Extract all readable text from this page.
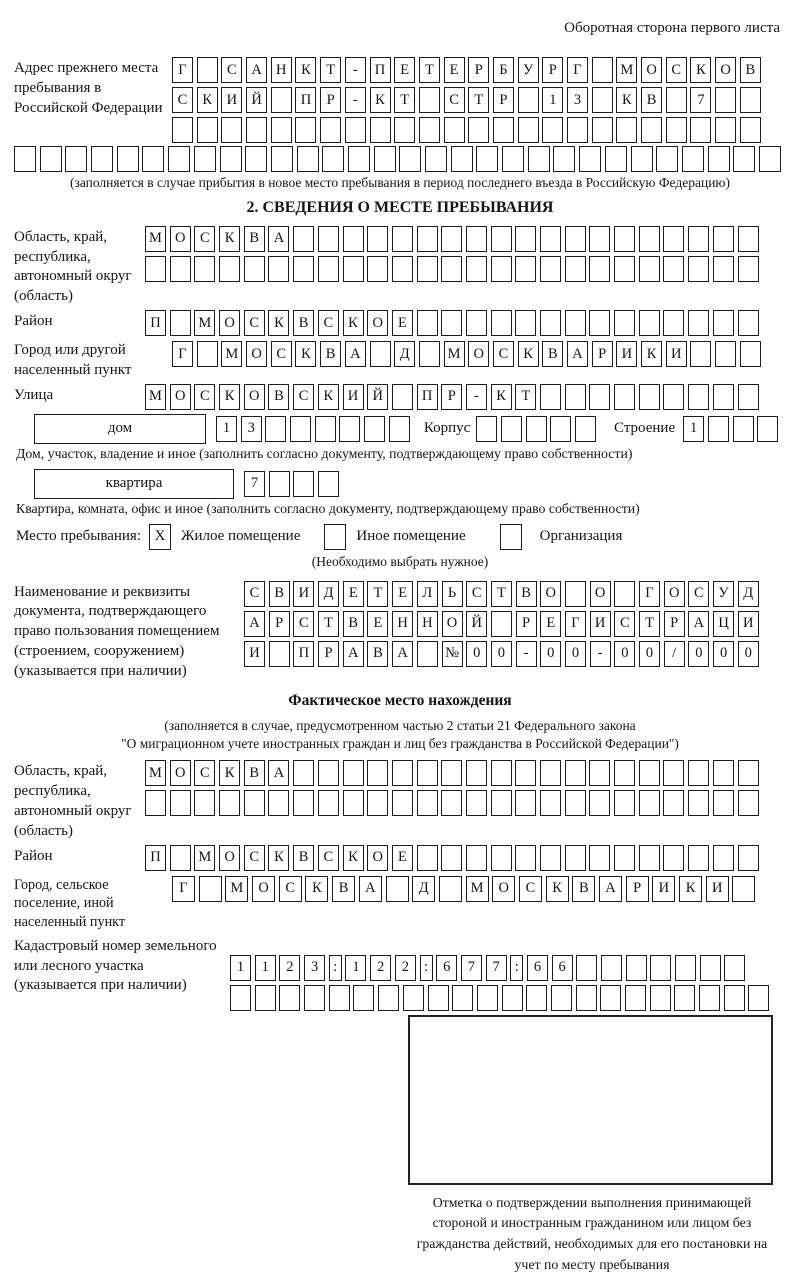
Оборотная сторона первого листа
Адрес прежнего места пребывания в Российской Федерации
Г	С	А Н	К	Т	-	П	Е	Т	Е	Р	Б	У	Р	Г	М О	С	К	О	В
С	К	И Й	П	Р	-	К	Т	С	Т	Р	1	3	К	В	7
(заполняется в случае прибытия в новое место пребывания в период последнего въезда в Российскую Федерацию)
2. СВЕДЕНИЯ О МЕСТЕ ПРЕБЫВАНИЯ
Область, край, республика, автономный округ (область)
М О	С	К	В	А
Район	П	М О	С	К	В	С	К	О	Е
Город или другой населенный пункт
Г	М О	С	К	В	А	Д	М О	С	К	В	А	Р	И	К	И
Улица	М О	С	К	О	В	С	К	И Й	П	Р	-	К	Т
дом	1	3	Корпус	Строение	1
Дом, участок, владение и иное (заполнить согласно документу, подтверждающему право собственности)
квартира	7
Квартира, комната, офис и иное (заполнить согласно документу, подтверждающему право собственности)
Место пребывания: X	Жилое помещение	Иное помещение	Организация
(Необходимо выбрать нужное)
Наименование и реквизиты документа, подтверждающего право пользования помещением (строением, сооружением) (указывается при наличии)
С	В	И	Д	Е	Т	Е	Л	Ь	С	Т	В	О	О	Г	О	С	У	Д
А	Р	С	Т	В	Е	Н Н О Й	Р	Е	Г	И	С	Т	Р	А Ц И
И	П	Р	А	В	А	№ 0	0	-	0	0	-	0	0	/	0	0	0
Фактическое место нахождения
(заполняется в случае, предусмотренном частью 2 статьи 21 Федерального закона
"О миграционном учете иностранных граждан и лиц без гражданства в Российской Федерации")
Область, край, республика, автономный округ (область)
М О	С	К	В	А
Район	П	М О	С	К	В	С	К	О	Е
Город, сельское поселение, иной населенный пункт
Г	М	О	С	К	В	А	Д	М	О	С	К	В	А	Р	И	К	И
Кадастровый номер земельного или лесного участка (указывается при наличии)
1	1	2	3	:	1	2	2	:	6	7	7	:	6	6
Отметка о подтверждении выполнения принимающей стороной и иностранным гражданином или лицом без гражданства действий, необходимых для его постановки на учет по месту пребывания
